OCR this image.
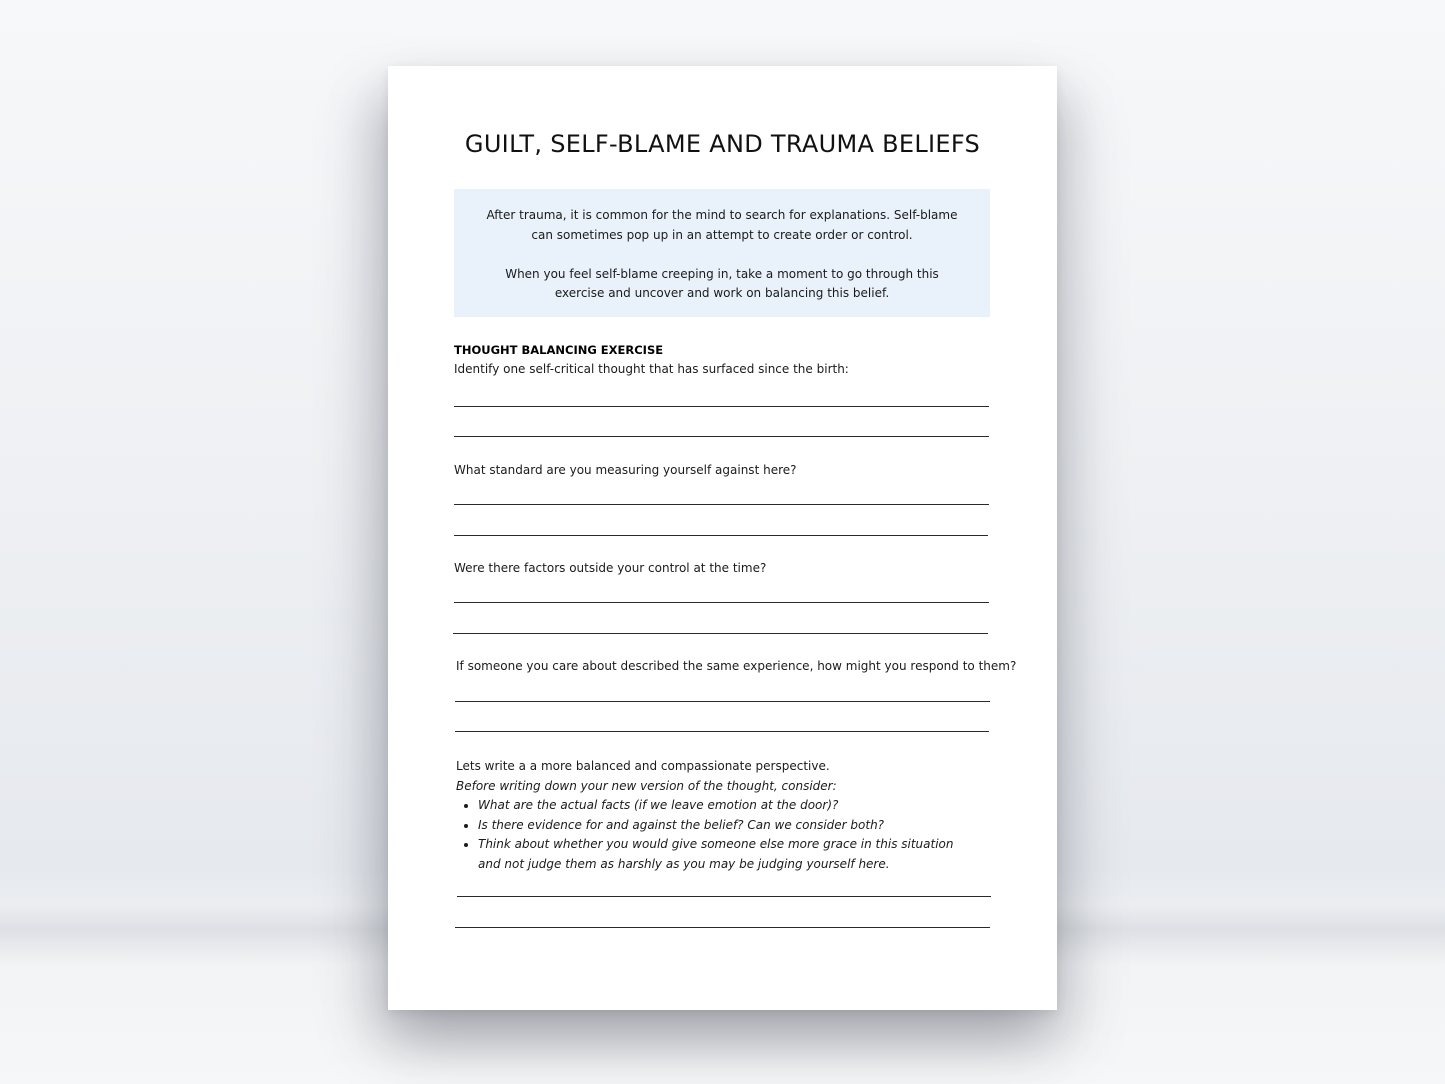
GUILT, SELF-BLAME AND TRAUMA BELIEFS

After trauma, it is common for the mind to search for explanations. Self-blame can sometimes pop up in an attempt to create order or control.

When you feel self-blame creeping in, take a moment to go through this exercise and uncover and work on balancing this belief.

THOUGHT BALANCING EXERCISE
Identify one self-critical thought that has surfaced since the birth:
What standard are you measuring yourself against here?
Were there factors outside your control at the time?
If someone you care about described the same experience, how might you respond to them?
Lets write a a more balanced and compassionate perspective.
Before writing down your new version of the thought, consider:
• What are the actual facts (if we leave emotion at the door)?
• Is there evidence for and against the belief? Can we consider both?
• Think about whether you would give someone else more grace in this situation and not judge them as harshly as you may be judging yourself here.
